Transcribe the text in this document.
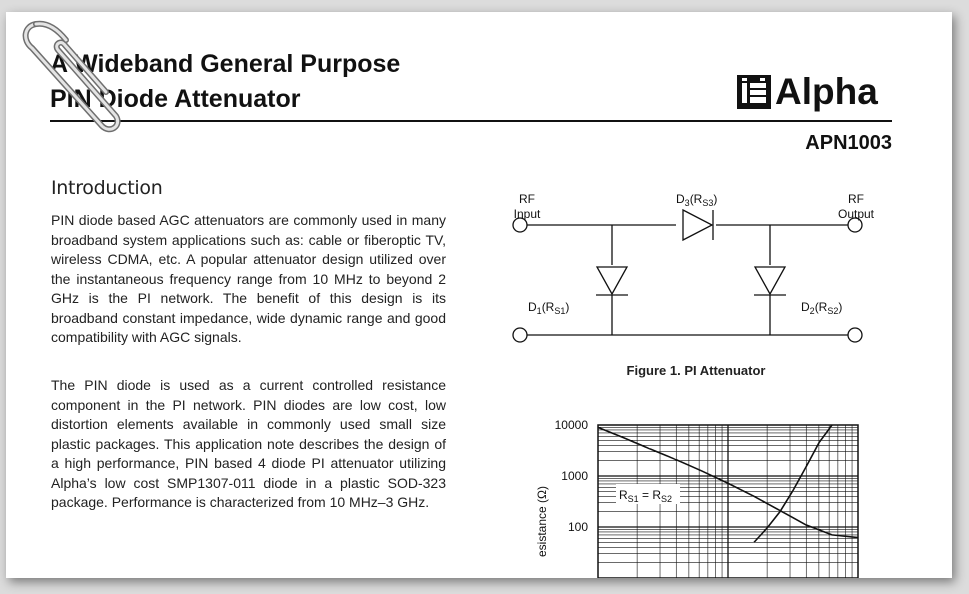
A Wideband General Purpose
PIN Diode Attenuator	Alpha
APN1003
Introduction

PIN diode based AGC attenuators are commonly used in many broadband system applications such as: cable or fiberoptic TV, wireless CDMA, etc. A popular attenuator design utilized over the instantaneous frequency range from 10 MHz to beyond 2 GHz is the PI network. The benefit of this design is its broadband constant impedance, wide dynamic range and good compatibility with AGC signals.

The PIN diode is used as a current controlled resistance component in the PI network. PIN diodes are low cost, low distortion elements available in commonly used small size plastic packages. This application note describes the design of a high performance, PIN based 4 diode PI attenuator utilizing Alpha’s low cost SMP1307-011 diode in a plastic SOD-323 package. Performance is characterized from 10 MHz–3 GHz.

RF
Input
RF
Output
$D_3(R_{S3})$
$D_1(R_{S1})$	$D_2(R_{S2})$
Figure 1. PI Attenuator
10000
1000
100
esistance (Ω)	$R_{S1} = R_{S2}$
